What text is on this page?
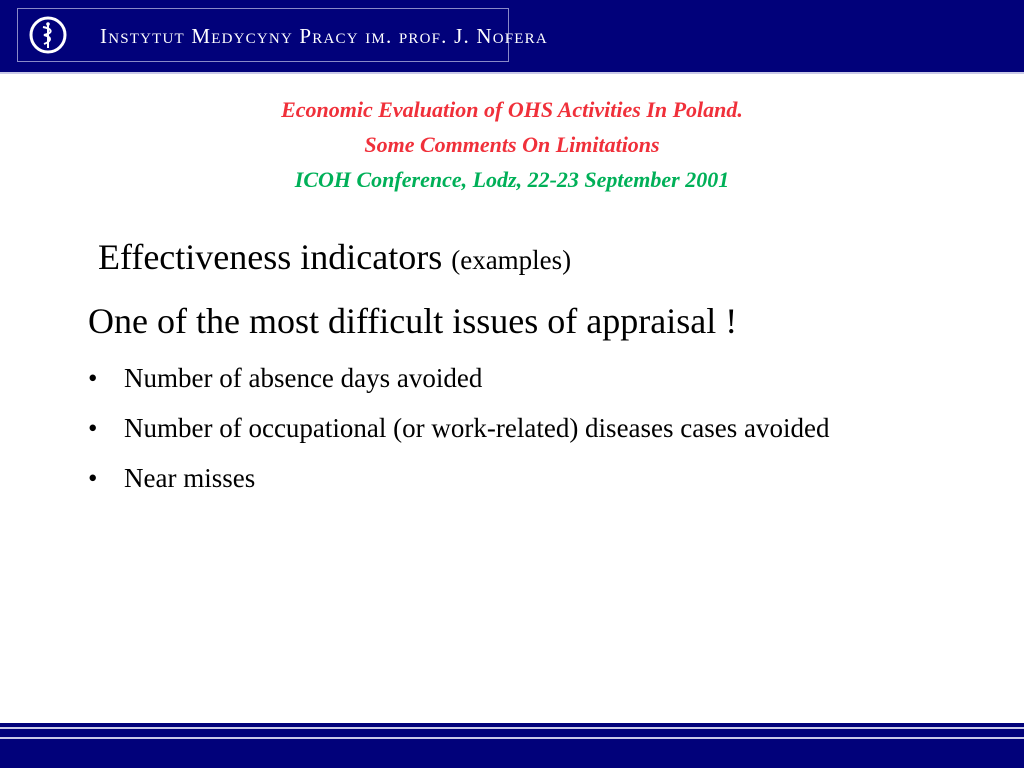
Instytut Medycyny Pracy im. prof. J. Nofera
Economic Evaluation of OHS Activities In Poland.
Some Comments On Limitations
ICOH Conference, Lodz, 22-23 September 2001
Effectiveness indicators (examples)
One of the most difficult issues of appraisal !
• Number of absence days avoided
• Number of occupational (or work-related) diseases cases avoided
• Near misses
